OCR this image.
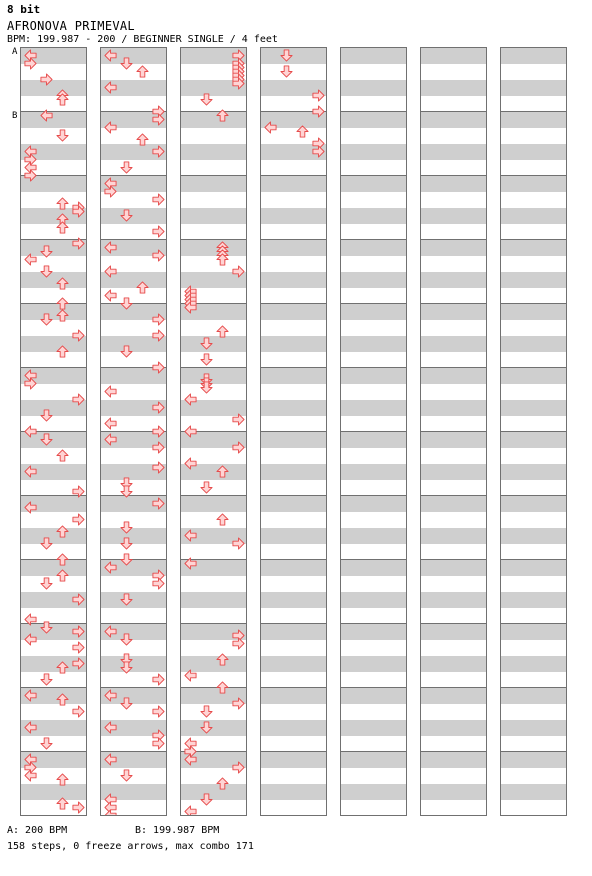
8 bit
AFRONOVA PRIMEVAL
BPM: 199.987 - 200 / BEGINNER SINGLE / 4 feet
A
B
A: 200 BPM	B: 199.987 BPM
158 steps, 0 freeze arrows, max combo 171
